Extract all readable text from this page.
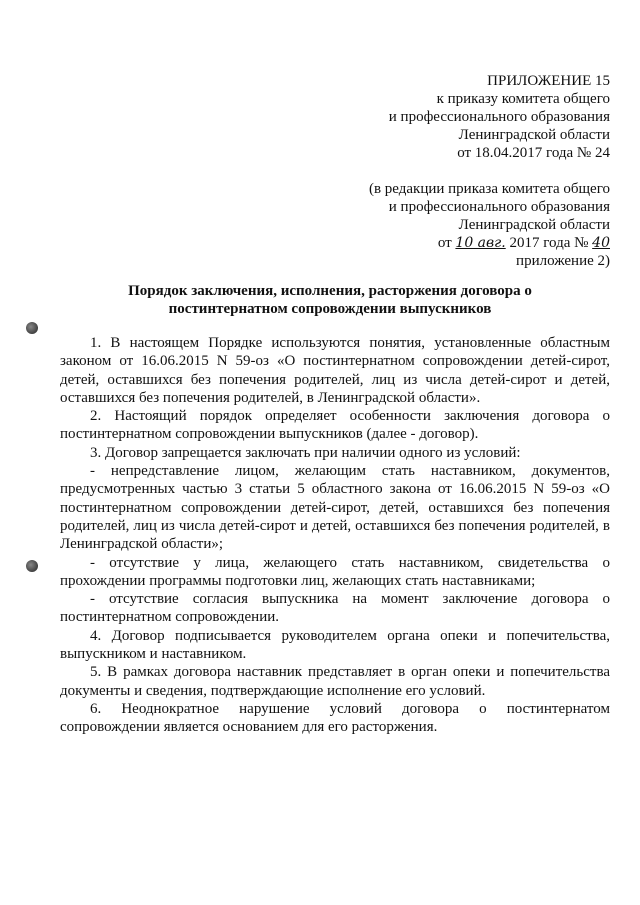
ПРИЛОЖЕНИЕ 15
к приказу комитета общего
и профессионального образования
Ленинградской области
от 18.04.2017 года № 24
(в редакции приказа комитета общего
и профессионального образования
Ленинградской области
от 10 авг. 2017 года № 40
приложение 2)
Порядок заключения, исполнения, расторжения договора о
постинтернатном сопровождении выпускников

1. В настоящем Порядке используются понятия, установленные областным законом от 16.06.2015 N 59-оз «О постинтернатном сопровождении детей-сирот, детей, оставшихся без попечения родителей, лиц из числа детей-сирот и детей, оставшихся без попечения родителей, в Ленинградской области».

2. Настоящий порядок определяет особенности заключения договора о постинтернатном сопровождении выпускников (далее - договор).

3. Договор запрещается заключать при наличии одного из условий:

- непредставление лицом, желающим стать наставником, документов, предусмотренных частью 3 статьи 5 областного закона от 16.06.2015 N 59-оз «О постинтернатном сопровождении детей-сирот, детей, оставшихся без попечения родителей, лиц из числа детей-сирот и детей, оставшихся без попечения родителей, в Ленинградской области»;

- отсутствие у лица, желающего стать наставником, свидетельства о прохождении программы подготовки лиц, желающих стать наставниками;

- отсутствие согласия выпускника на момент заключение договора о постинтернатном сопровождении.

4. Договор подписывается руководителем органа опеки и попечительства, выпускником и наставником.

5. В рамках договора наставник представляет в орган опеки и попечительства документы и сведения, подтверждающие исполнение его условий.

6. Неоднократное нарушение условий договора о постинтернатом сопровождении является основанием для его расторжения.
